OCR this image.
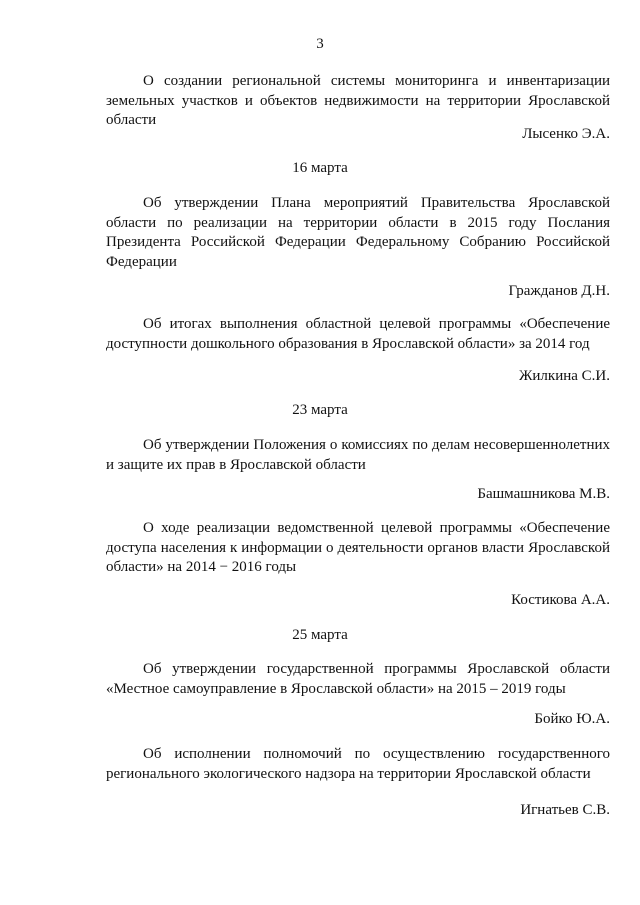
3

О создании региональной системы мониторинга и инвентаризации земельных участков и объектов недвижимости на территории Ярославской области

Лысенко Э.А.
16 марта

Об утверждении Плана мероприятий Правительства Ярославской области по реализации на территории области в 2015 году Послания Президента Российской Федерации Федеральному Собранию Российской Федерации

Гражданов Д.Н.

Об итогах выполнения областной целевой программы «Обеспечение доступности дошкольного образования в Ярославской области» за 2014 год

Жилкина С.И.
23 марта

Об утверждении Положения о комиссиях по делам несовершеннолетних и защите их прав в Ярославской области

Башмашникова М.В.

О ходе реализации ведомственной целевой программы «Обеспечение доступа населения к информации о деятельности органов власти Ярославской области» на 2014 − 2016 годы

Костикова А.А.
25 марта

Об утверждении государственной программы Ярославской области «Местное самоуправление в Ярославской области» на 2015 – 2019 годы

Бойко Ю.А.

Об исполнении полномочий по осуществлению государственного регионального экологического надзора на территории Ярославской области

Игнатьев С.В.
